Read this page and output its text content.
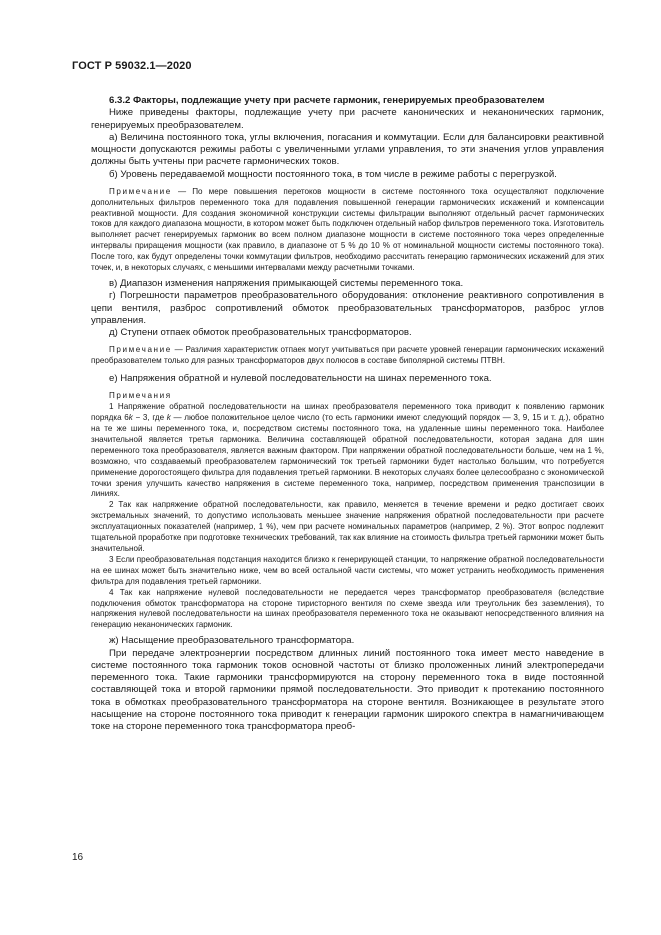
ГОСТ Р 59032.1—2020

6.3.2 Факторы, подлежащие учету при расчете гармоник, генерируемых преобразователем

Ниже приведены факторы, подлежащие учету при расчете канонических и неканонических гармоник, генерируемых преобразователем.

а) Величина постоянного тока, углы включения, погасания и коммутации. Если для балансировки реактивной мощности допускаются режимы работы с увеличенными углами управления, то эти значения углов управления должны быть учтены при расчете гармонических токов.

б) Уровень передаваемой мощности постоянного тока, в том числе в режиме работы с перегрузкой.

Примечание — По мере повышения перетоков мощности в системе постоянного тока осуществляют подключение дополнительных фильтров переменного тока для подавления повышенной генерации гармонических искажений и компенсации реактивной мощности. Для создания экономичной конструкции системы фильтрации выполняют отдельный расчет гармонических токов для каждого диапазона мощности, в котором может быть подключен отдельный набор фильтров переменного тока. Изготовитель выполняет расчет генерируемых гармоник во всем полном диапазоне мощности в системе постоянного тока через определенные интервалы приращения мощности (как правило, в диапазоне от 5 % до 10 % от номинальной мощности системы постоянного тока). После того, как будут определены точки коммутации фильтров, необходимо рассчитать генерацию гармонических искажений для этих точек, и, в некоторых случаях, с меньшими интервалами между расчетными точками.

в) Диапазон изменения напряжения примыкающей системы переменного тока.

г) Погрешности параметров преобразовательного оборудования: отклонение реактивного сопротивления в цепи вентиля, разброс сопротивлений обмоток преобразовательных трансформаторов, разброс углов управления.

д) Ступени отпаек обмоток преобразовательных трансформаторов.

Примечание — Различия характеристик отпаек могут учитываться при расчете уровней генерации гармонических искажений преобразователем только для разных трансформаторов двух полюсов в составе биполярной системы ПТВН.

е) Напряжения обратной и нулевой последовательности на шинах переменного тока.

Примечания

1 Напряжение обратной последовательности на шинах преобразователя переменного тока приводит к появлению гармоник порядка 6k − 3, где k — любое положительное целое число (то есть гармоники имеют следующий порядок — 3, 9, 15 и т. д.), обратно на те же шины переменного тока, и, посредством системы постоянного тока, на удаленные шины переменного тока. Наиболее значительной является третья гармоника. Величина составляющей обратной последовательности, которая задана для шин переменного тока преобразователя, является важным фактором. При напряжении обратной последовательности больше, чем на 1 %, возможно, что создаваемый преобразователем гармонический ток третьей гармоники будет настолько большим, что потребуется применение дорогостоящего фильтра для подавления третьей гармоники. В некоторых случаях более целесообразно с экономической точки зрения улучшить качество напряжения в системе переменного тока, например, посредством применения транспозиции в линиях.

2 Так как напряжение обратной последовательности, как правило, меняется в течение времени и редко достигает своих экстремальных значений, то допустимо использовать меньшее значение напряжения обратной последовательности при расчете эксплуатационных показателей (например, 1 %), чем при расчете номинальных параметров (например, 2 %). Этот вопрос подлежит тщательной проработке при подготовке технических требований, так как влияние на стоимость фильтра третьей гармоники может быть значительной.

3 Если преобразовательная подстанция находится близко к генерирующей станции, то напряжение обратной последовательности на ее шинах может быть значительно ниже, чем во всей остальной части системы, что может устранить необходимость применения фильтра для подавления третьей гармоники.

4 Так как напряжение нулевой последовательности не передается через трансформатор преобразователя (вследствие подключения обмоток трансформатора на стороне тиристорного вентиля по схеме звезда или треугольник без заземления), то напряжения нулевой последовательности на шинах преобразователя переменного тока не оказывают непосредственного влияния на генерацию неканонических гармоник.

ж) Насыщение преобразовательного трансформатора.

При передаче электроэнергии посредством длинных линий постоянного тока имеет место наведение в системе постоянного тока гармоник токов основной частоты от близко проложенных линий электропередачи переменного тока. Такие гармоники трансформируются на сторону переменного тока в виде постоянной составляющей тока и второй гармоники прямой последовательности. Это приводит к протеканию постоянного тока в обмотках преобразовательного трансформатора на стороне вентиля. Возникающее в результате этого насыщение на стороне постоянного тока приводит к генерации гармоник широкого спектра в намагничивающем токе на стороне переменного тока трансформатора преоб-

16
